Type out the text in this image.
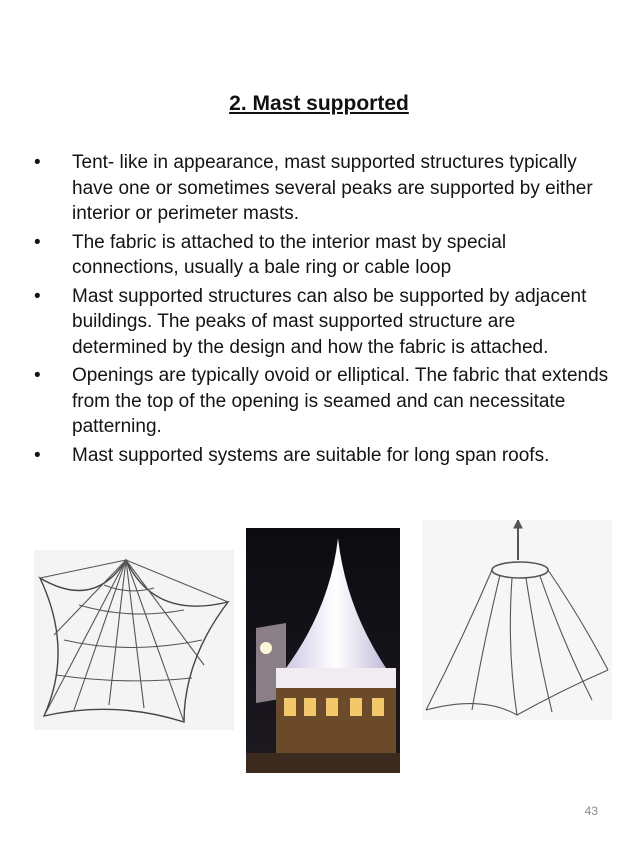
2. Mast supported
• Tent- like in appearance, mast supported structures typically have one or sometimes several peaks are supported by either interior or perimeter masts.
• The fabric is attached to the interior mast by special connections, usually a bale ring or cable loop
• Mast supported structures can also be supported by adjacent buildings. The peaks of mast supported structure are determined by the design and how the fabric is attached.
• Openings are typically ovoid or elliptical. The fabric that extends from the top of the opening is seamed and can necessitate patterning.
• Mast supported systems are suitable for long span roofs.
43
